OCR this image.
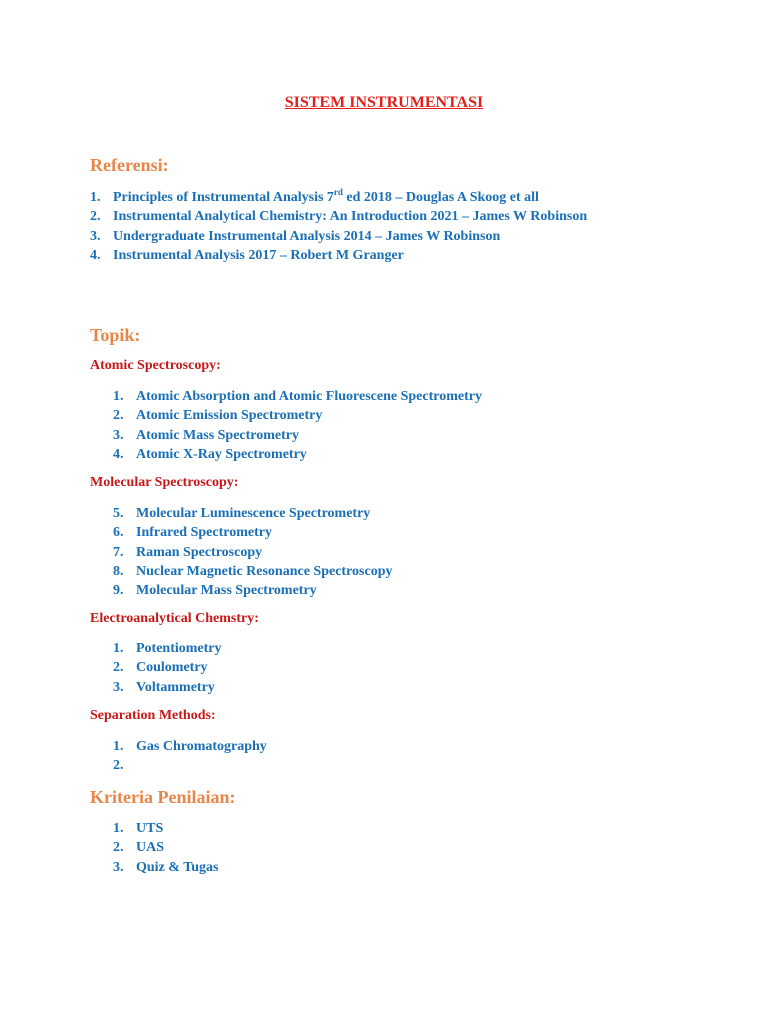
SISTEM INSTRUMENTASI
Referensi:
1. Principles of Instrumental Analysis 7rd ed 2018 – Douglas A Skoog et all
2. Instrumental Analytical Chemistry: An Introduction 2021 – James W Robinson
3. Undergraduate Instrumental Analysis 2014 – James W Robinson
4. Instrumental Analysis 2017 – Robert M Granger
Topik:
Atomic Spectroscopy:
1. Atomic Absorption and Atomic Fluorescene Spectrometry
2. Atomic Emission Spectrometry
3. Atomic Mass Spectrometry
4. Atomic X-Ray Spectrometry
Molecular Spectroscopy:
5. Molecular Luminescence Spectrometry
6. Infrared Spectrometry
7. Raman Spectroscopy
8. Nuclear Magnetic Resonance Spectroscopy
9. Molecular Mass Spectrometry
Electroanalytical Chemstry:
1. Potentiometry
2. Coulometry
3. Voltammetry
Separation Methods:
1. Gas Chromatography
2.
Kriteria Penilaian:
1. UTS
2. UAS
3. Quiz & Tugas
